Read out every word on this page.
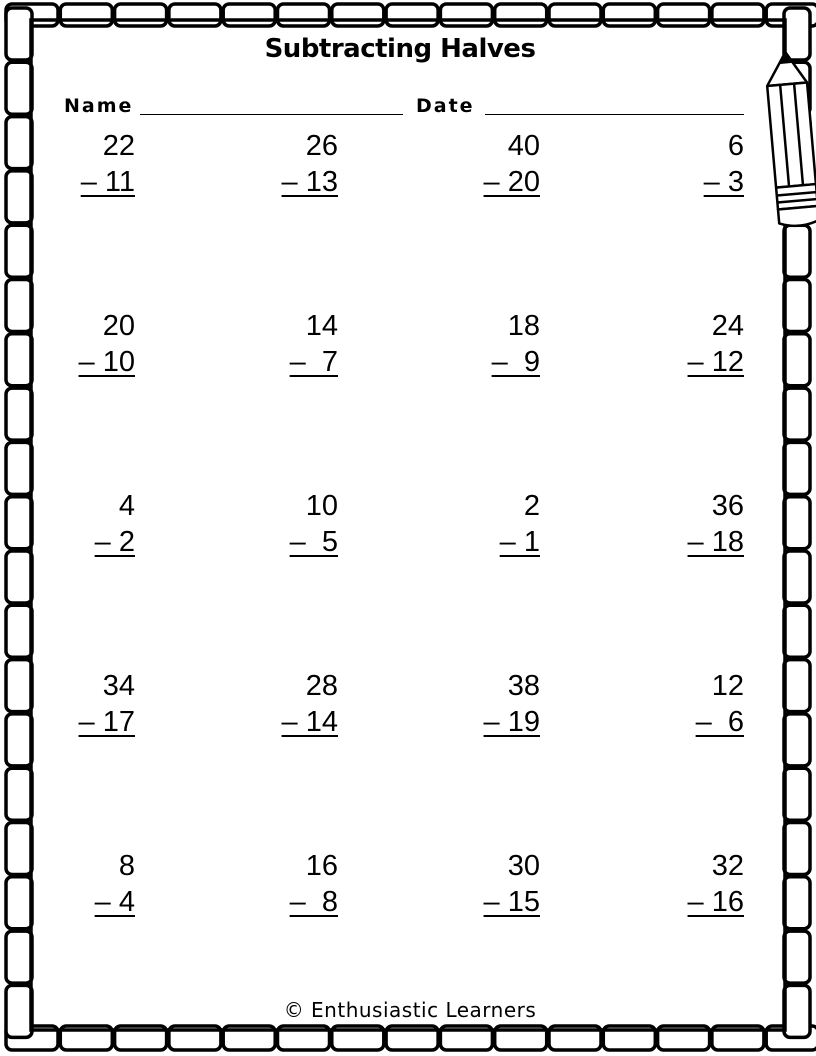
Subtracting Halves
Name	Date
22
– 11
26
– 13
40
– 20
6
– 3
20
– 10
14
–  7
18
–  9
24
– 12
4
– 2
10
–  5
2
– 1
36
– 18
34
– 17
28
– 14
38
– 19
12
–  6
8
– 4
16
–  8
30
– 15
32
– 16
© Enthusiastic Learners
